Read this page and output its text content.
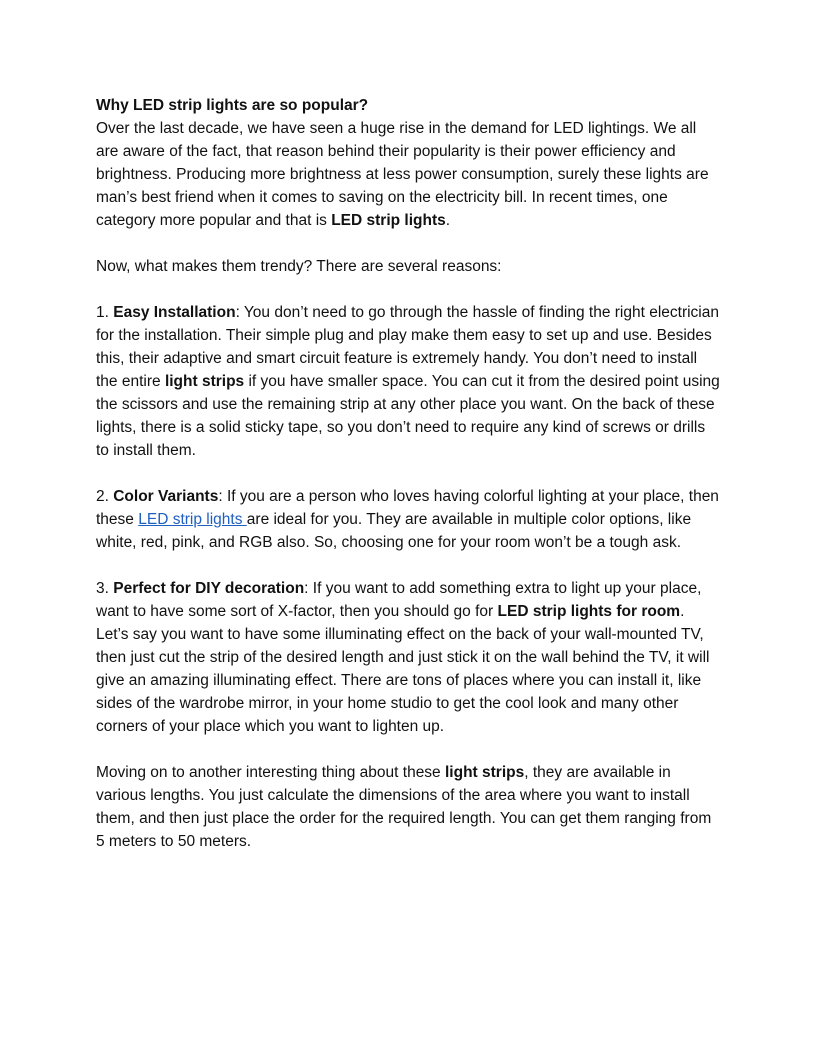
Why LED strip lights are so popular?

Over the last decade, we have seen a huge rise in the demand for LED lightings. We all are aware of the fact, that reason behind their popularity is their power efficiency and brightness. Producing more brightness at less power consumption, surely these lights are man’s best friend when it comes to saving on the electricity bill. In recent times, one category more popular and that is LED strip lights.

Now, what makes them trendy? There are several reasons:

1. Easy Installation: You don’t need to go through the hassle of finding the right electrician for the installation. Their simple plug and play make them easy to set up and use. Besides this, their adaptive and smart circuit feature is extremely handy. You don’t need to install the entire light strips if you have smaller space. You can cut it from the desired point using the scissors and use the remaining strip at any other place you want. On the back of these lights, there is a solid sticky tape, so you don’t need to require any kind of screws or drills to install them.

2. Color Variants: If you are a person who loves having colorful lighting at your place, then these LED strip lights are ideal for you. They are available in multiple color options, like white, red, pink, and RGB also. So, choosing one for your room won’t be a tough ask.

3. Perfect for DIY decoration: If you want to add something extra to light up your place, want to have some sort of X-factor, then you should go for LED strip lights for room. Let’s say you want to have some illuminating effect on the back of your wall-mounted TV, then just cut the strip of the desired length and just stick it on the wall behind the TV, it will give an amazing illuminating effect. There are tons of places where you can install it, like sides of the wardrobe mirror, in your home studio to get the cool look and many other corners of your place which you want to lighten up.

Moving on to another interesting thing about these light strips, they are available in various lengths. You just calculate the dimensions of the area where you want to install them, and then just place the order for the required length. You can get them ranging from 5 meters to 50 meters.
